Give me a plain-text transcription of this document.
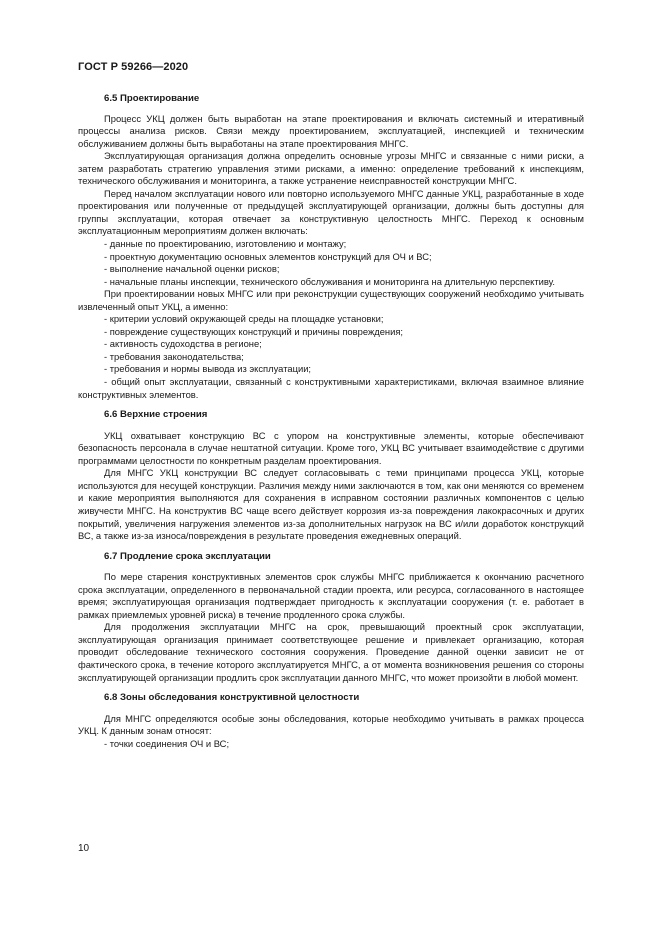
ГОСТ Р 59266—2020
6.5 Проектирование

Процесс УКЦ должен быть выработан на этапе проектирования и включать системный и итеративный процессы анализа рисков. Связи между проектированием, эксплуатацией, инспекцией и техническим обслуживанием должны быть выработаны на этапе проектирования МНГС.

Эксплуатирующая организация должна определить основные угрозы МНГС и связанные с ними риски, а затем разработать стратегию управления этими рисками, а именно: определение требований к инспекциям, технического обслуживания и мониторинга, а также устранение неисправностей конструкции МНГС.

Перед началом эксплуатации нового или повторно используемого МНГС данные УКЦ, разработанные в ходе проектирования или полученные от предыдущей эксплуатирующей организации, должны быть доступны для группы эксплуатации, которая отвечает за конструктивную целостность МНГС. Переход к основным эксплуатационным мероприятиям должен включать:

- данные по проектированию, изготовлению и монтажу;

- проектную документацию основных элементов конструкций для ОЧ и ВС;

- выполнение начальной оценки рисков;

- начальные планы инспекции, технического обслуживания и мониторинга на длительную перспективу.

При проектировании новых МНГС или при реконструкции существующих сооружений необходимо учитывать извлеченный опыт УКЦ, а именно:

- критерии условий окружающей среды на площадке установки;

- повреждение существующих конструкций и причины повреждения;

- активность судоходства в регионе;

- требования законодательства;

- требования и нормы вывода из эксплуатации;

- общий опыт эксплуатации, связанный с конструктивными характеристиками, включая взаимное влияние конструктивных элементов.

6.6 Верхние строения

УКЦ охватывает конструкцию ВС с упором на конструктивные элементы, которые обеспечивают безопасность персонала в случае нештатной ситуации. Кроме того, УКЦ ВС учитывает взаимодействие с другими программами целостности по конкретным разделам проектирования.

Для МНГС УКЦ конструкции ВС следует согласовывать с теми принципами процесса УКЦ, которые используются для несущей конструкции. Различия между ними заключаются в том, как они меняются со временем и какие мероприятия выполняются для сохранения в исправном состоянии различных компонентов с целью живучести МНГС. На конструктив ВС чаще всего действует коррозия из-за повреждения лакокрасочных и других покрытий, увеличения нагружения элементов из-за дополнительных нагрузок на ВС и/или доработок конструкций ВС, а также из-за износа/повреждения в результате проведения ежедневных операций.

6.7 Продление срока эксплуатации

По мере старения конструктивных элементов срок службы МНГС приближается к окончанию расчетного срока эксплуатации, определенного в первоначальной стадии проекта, или ресурса, согласованного в настоящее время; эксплуатирующая организация подтверждает пригодность к эксплуатации сооружения (т. е. работает в рамках приемлемых уровней риска) в течение продленного срока службы.

Для продолжения эксплуатации МНГС на срок, превышающий проектный срок эксплуатации, эксплуатирующая организация принимает соответствующее решение и привлекает организацию, которая проводит обследование технического состояния сооружения. Проведение данной оценки зависит не от фактического срока, в течение которого эксплуатируется МНГС, а от момента возникновения решения со стороны эксплуатирующей организации продлить срок эксплуатации данного МНГС, что может произойти в любой момент.

6.8 Зоны обследования конструктивной целостности

Для МНГС определяются особые зоны обследования, которые необходимо учитывать в рамках процесса УКЦ. К данным зонам относят:

- точки соединения ОЧ и ВС;

10
